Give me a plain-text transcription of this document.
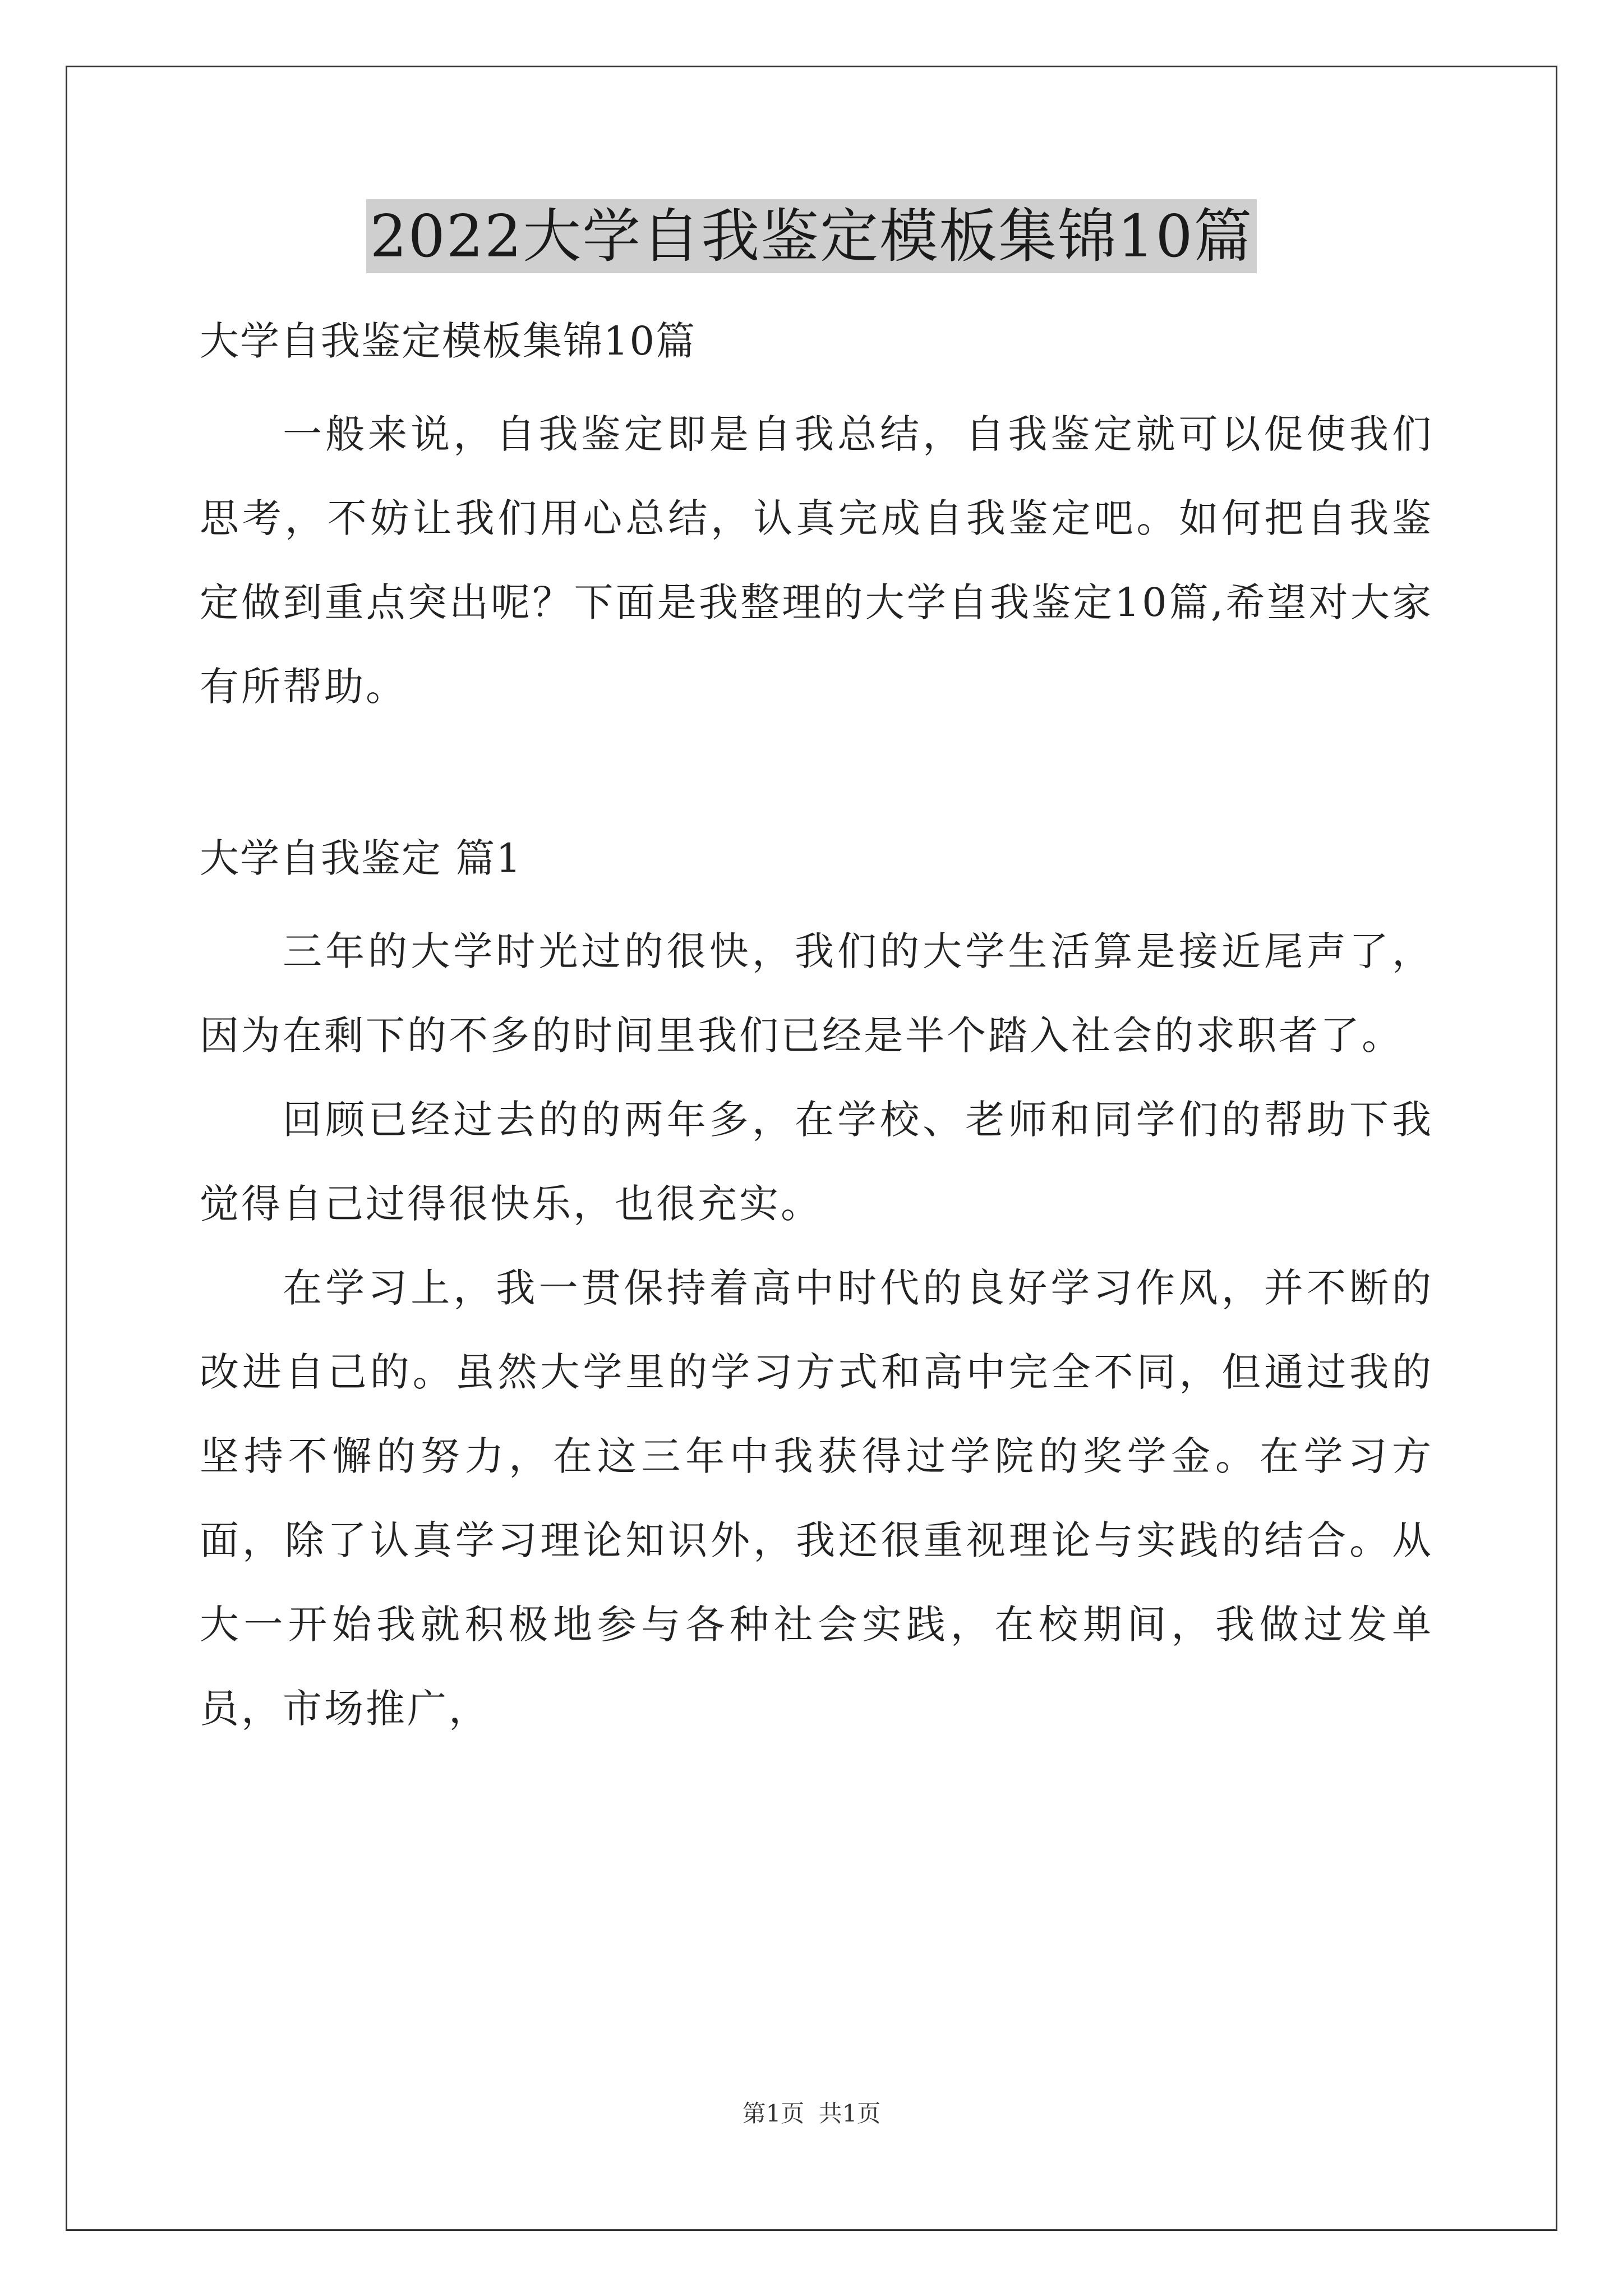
2022大学自我鉴定模板集锦10篇

大学自我鉴定模板集锦10篇

一般来说，自我鉴定即是自我总结，自我鉴定就可以促使我们思考，不妨让我们用心总结，认真完成自我鉴定吧。如何把自我鉴定做到重点突出呢？下面是我整理的大学自我鉴定10篇,希望对大家有所帮助。

大学自我鉴定 篇1

三年的大学时光过的很快，我们的大学生活算是接近尾声了，因为在剩下的不多的时间里我们已经是半个踏入社会的求职者了。

回顾已经过去的的两年多，在学校、老师和同学们的帮助下我觉得自己过得很快乐，也很充实。

在学习上，我一贯保持着高中时代的良好学习作风，并不断的改进自己的。虽然大学里的学习方式和高中完全不同，但通过我的坚持不懈的努力，在这三年中我获得过学院的奖学金。在学习方面，除了认真学习理论知识外，我还很重视理论与实践的结合。从大一开始我就积极地参与各种社会实践，在校期间，我做过发单员，市场推广，

第1页 共1页
